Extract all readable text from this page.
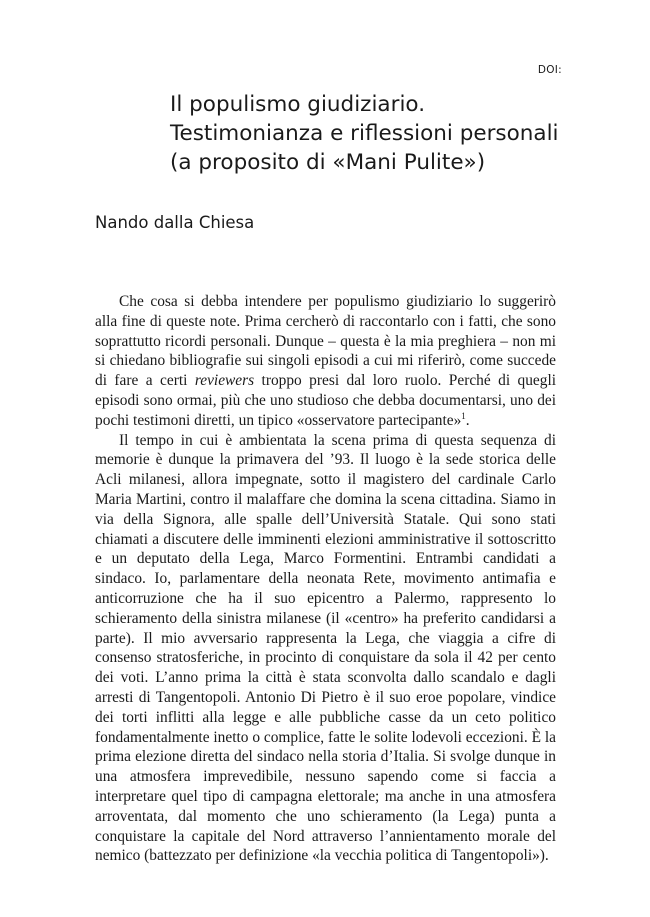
DOI:
Il populismo giudiziario.
Testimonianza e riflessioni personali
(a proposito di «Mani Pulite»)
Nando dalla Chiesa

Che cosa si debba intendere per populismo giudiziario lo suggerirò alla fine di queste note. Prima cercherò di raccontarlo con i fatti, che sono soprattutto ricordi personali. Dunque – questa è la mia preghiera – non mi si chiedano bibliografie sui singoli episodi a cui mi riferirò, come succede di fare a certi reviewers troppo presi dal loro ruolo. Perché di quegli episodi sono ormai, più che uno studioso che debba documentarsi, uno dei pochi testimoni diretti, un tipico «osservatore partecipante»$^1$.

Il tempo in cui è ambientata la scena prima di questa sequenza di memorie è dunque la primavera del ’93. Il luogo è la sede storica delle Acli milanesi, allora impegnate, sotto il magistero del cardinale Carlo Maria Martini, contro il malaffare che domina la scena cittadina. Siamo in via della Signora, alle spalle dell’Università Statale. Qui sono stati chiamati a discutere delle imminenti elezioni amministrative il sottoscritto e un deputato della Lega, Marco Formentini. Entrambi candidati a sindaco. Io, parlamentare della neonata Rete, movimento antimafia e anticorruzione che ha il suo epicentro a Palermo, rappresento lo schieramento della sinistra milanese (il «centro» ha preferito candidarsi a parte). Il mio avversario rappresenta la Lega, che viaggia a cifre di consenso stratosferiche, in procinto di conquistare da sola il 42 per cento dei voti. L’anno prima la città è stata sconvolta dallo scandalo e dagli arresti di Tangentopoli. Antonio Di Pietro è il suo eroe popolare, vindice dei torti inflitti alla legge e alle pubbliche casse da un ceto politico fondamentalmente inetto o complice, fatte le solite lodevoli eccezioni. È la prima elezione diretta del sindaco nella storia d’Italia. Si svolge dunque in una atmosfera imprevedibile, nessuno sapendo come si faccia a interpretare quel tipo di campagna elettorale; ma anche in una atmosfera arroventata, dal momento che uno schieramento (la Lega) punta a conquistare la capitale del Nord attraverso l’annientamento morale del nemico (battezzato per definizione «la vecchia politica di Tangentopoli»).
